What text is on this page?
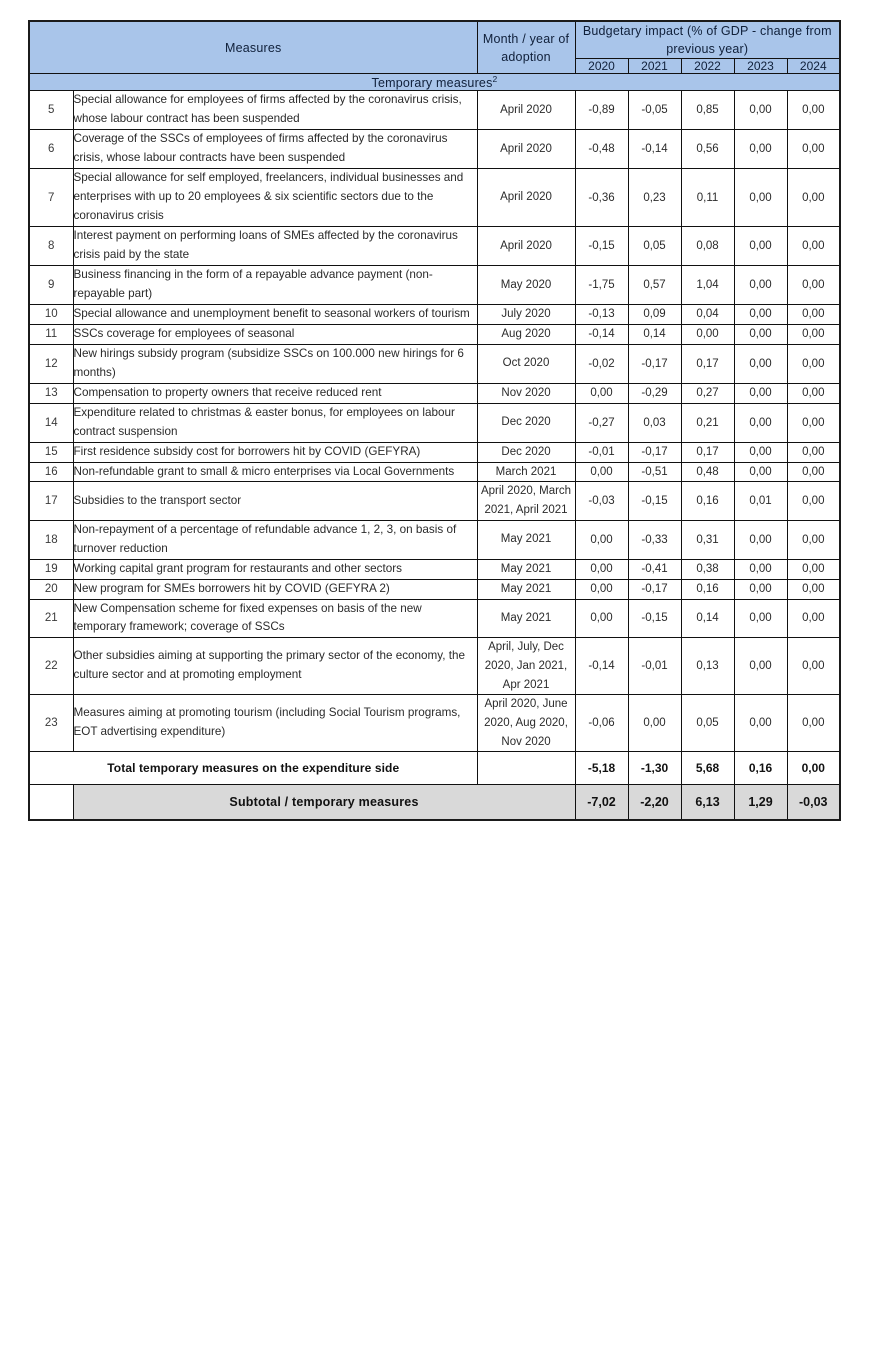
Measures		Month / year of adoption	Budgetary impact (% of GDP - change from previous year)				
			2020	2021	2022	2023	2024
Temporary measures$^2$
5	Special allowance for employees of firms affected by the coronavirus crisis, whose labour contract has been suspended	April 2020	-0,89	-0,05	0,85	0,00	0,00
6	Coverage of the SSCs of employees of firms affected by the coronavirus crisis, whose labour contracts have been suspended	April 2020	-0,48	-0,14	0,56	0,00	0,00
7	Special allowance for self employed, freelancers, individual businesses and enterprises with up to 20 employees & six scientific sectors due to the coronavirus crisis	April 2020	-0,36	0,23	0,11	0,00	0,00
8	Interest payment on performing loans of SMEs affected by the coronavirus crisis paid by the state	April 2020	-0,15	0,05	0,08	0,00	0,00
9	Business financing in the form of a repayable advance payment (non-repayable part)	May 2020	-1,75	0,57	1,04	0,00	0,00
10	Special allowance and unemployment benefit to seasonal workers of tourism	July 2020	-0,13	0,09	0,04	0,00	0,00
11	SSCs coverage for employees of seasonal	Aug 2020	-0,14	0,14	0,00	0,00	0,00
12	New hirings subsidy program (subsidize SSCs on 100.000 new hirings for 6 months)	Oct 2020	-0,02	-0,17	0,17	0,00	0,00
13	Compensation to property owners that receive reduced rent	Nov 2020	0,00	-0,29	0,27	0,00	0,00
14	Expenditure related to christmas & easter bonus, for employees on labour contract suspension	Dec 2020	-0,27	0,03	0,21	0,00	0,00
15	First residence subsidy cost for borrowers hit by COVID (GEFYRA)	Dec 2020	-0,01	-0,17	0,17	0,00	0,00
16	Non-refundable grant to small & micro enterprises via Local Governments	March 2021	0,00	-0,51	0,48	0,00	0,00
17	Subsidies to the transport sector	April 2020, March 2021, April 2021	-0,03	-0,15	0,16	0,01	0,00
18	Non-repayment of a percentage of refundable advance 1, 2, 3, on basis of turnover reduction	May 2021	0,00	-0,33	0,31	0,00	0,00
19	Working capital grant program for restaurants and other sectors	May 2021	0,00	-0,41	0,38	0,00	0,00
20	New program for SMEs borrowers hit by COVID (GEFYRA 2)	May 2021	0,00	-0,17	0,16	0,00	0,00
21	New Compensation scheme for fixed expenses on basis of the new temporary framework; coverage of SSCs	May 2021	0,00	-0,15	0,14	0,00	0,00
22	Other subsidies aiming at supporting the primary sector of the economy, the culture sector and at promoting employment	April, July, Dec 2020, Jan 2021, Apr 2021	-0,14	-0,01	0,13	0,00	0,00
23	Measures aiming at promoting tourism (including Social Tourism programs, EOT advertising expenditure)	April 2020, June 2020, Aug 2020, Nov 2020	-0,06	0,00	0,05	0,00	0,00
Total temporary measures on the expenditure side			-5,18	-1,30	5,68	0,16	0,00
	Subtotal / temporary measures		-7,02	-2,20	6,13	1,29	-0,03
